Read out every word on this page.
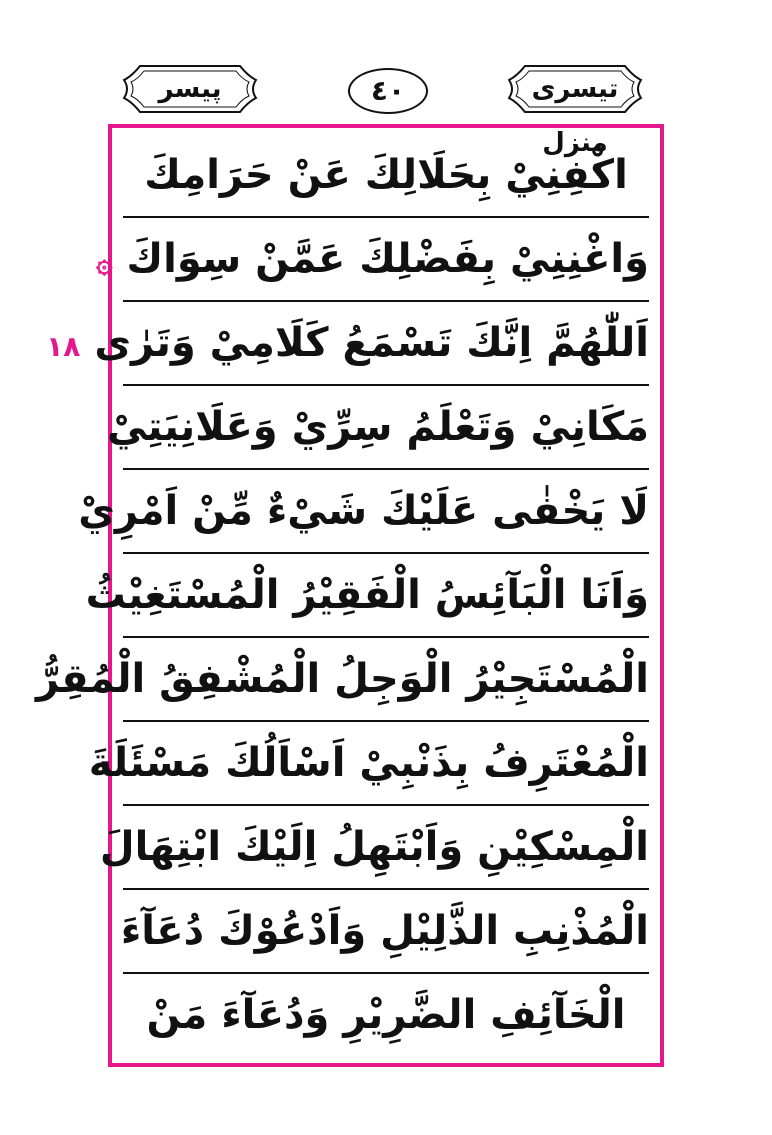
پیسر	٤٠	تیسری منزل
اكْفِنِيْ بِحَلَالِكَ عَنْ حَرَامِكَ
وَاغْنِنِيْ بِفَضْلِكَ عَمَّنْ سِوَاكَ ۞
اَللّٰهُمَّ اِنَّكَ تَسْمَعُ كَلَامِيْ وَتَرٰى ١٨
مَكَانِيْ وَتَعْلَمُ سِرِّيْ وَعَلَانِيَتِيْ
لَا يَخْفٰى عَلَيْكَ شَيْءٌ مِّنْ اَمْرِيْ
وَاَنَا الْبَآئِسُ الْفَقِيْرُ الْمُسْتَغِيْثُ
الْمُسْتَجِيْرُ الْوَجِلُ الْمُشْفِقُ الْمُقِرُّ
الْمُعْتَرِفُ بِذَنْبِيْ اَسْاَلُكَ مَسْئَلَةَ
الْمِسْكِيْنِ وَاَبْتَهِلُ اِلَيْكَ ابْتِهَالَ
الْمُذْنِبِ الذَّلِيْلِ وَاَدْعُوْكَ دُعَآءَ
الْخَآئِفِ الضَّرِيْرِ وَدُعَآءَ مَنْ
